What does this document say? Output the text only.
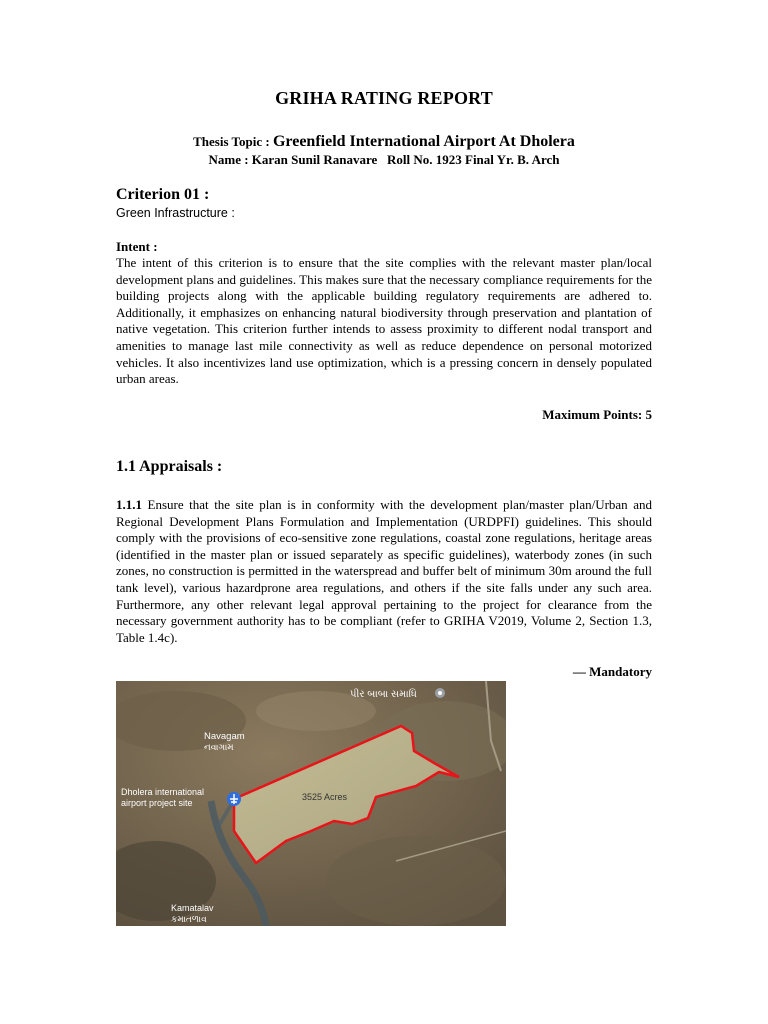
GRIHA RATING REPORT
Thesis Topic : Greenfield International Airport At Dholera
Name : Karan Sunil Ranavare   Roll No. 1923 Final Yr. B. Arch
Criterion 01 :
Green Infrastructure :
Intent :
The intent of this criterion is to ensure that the site complies with the relevant master plan/local development plans and guidelines. This makes sure that the necessary compliance requirements for the building projects along with the applicable building regulatory requirements are adhered to. Additionally, it emphasizes on enhancing natural biodiversity through preservation and plantation of native vegetation. This criterion further intends to assess proximity to different nodal transport and amenities to manage last mile connectivity as well as reduce dependence on personal motorized vehicles. It also incentivizes land use optimization, which is a pressing concern in densely populated urban areas.
Maximum Points: 5
1.1 Appraisals :
1.1.1 Ensure that the site plan is in conformity with the development plan/master plan/Urban and Regional Development Plans Formulation and Implementation (URDPFI) guidelines. This should comply with the provisions of eco-sensitive zone regulations, coastal zone regulations, heritage areas (identified in the master plan or issued separately as specific guidelines), waterbody zones (in such zones, no construction is permitted in the waterspread and buffer belt of minimum 30m around the full tank level), various hazardprone area regulations, and others if the site falls under any such area. Furthermore, any other relevant legal approval pertaining to the project for clearance from the necessary government authority has to be compliant (refer to GRIHA V2019, Volume 2, Section 1.3, Table 1.4c).
— Mandatory
પીર બાબા સમાધિ
Navagam
નવાગામ
Dholera international
airport project site
3525 Acres
Kamatalav
કમાતળાવ
